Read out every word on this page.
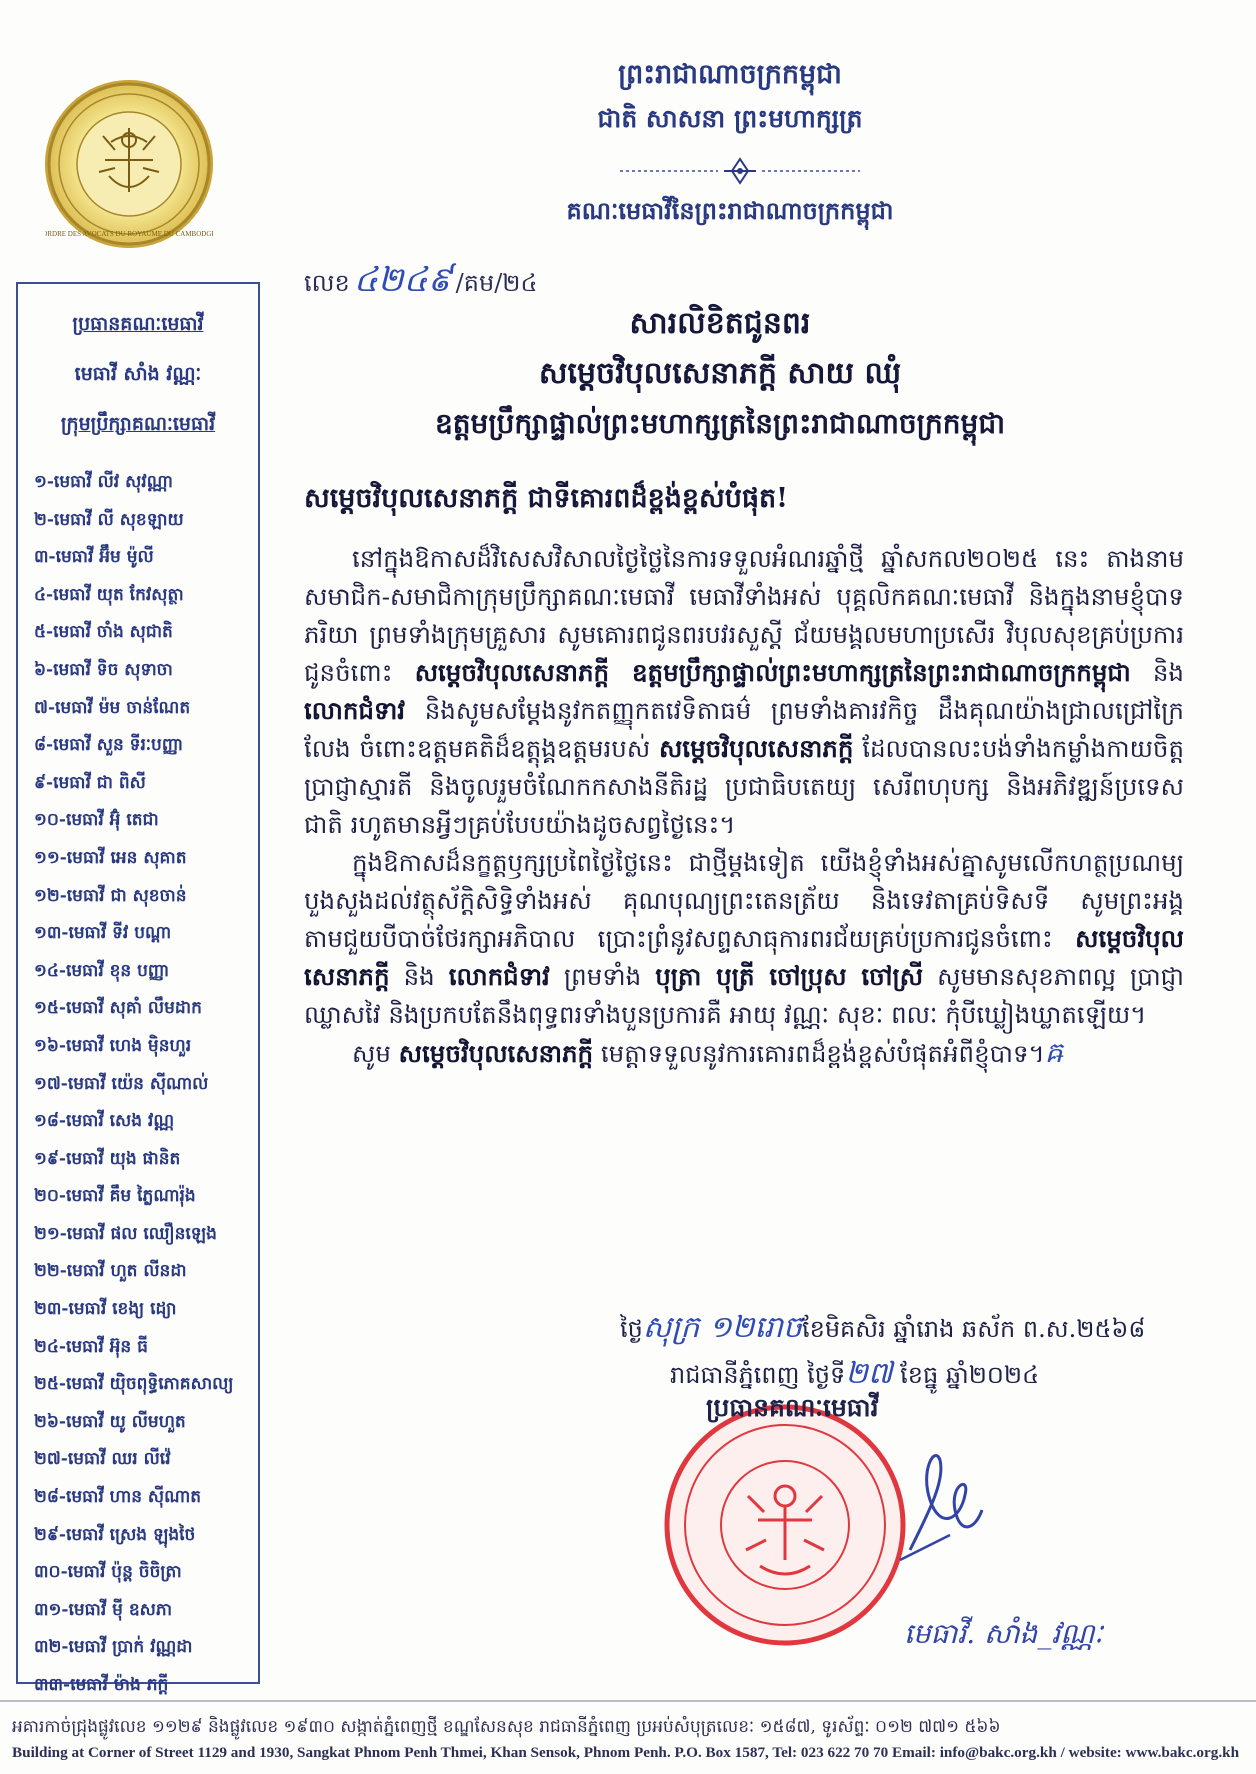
ORDRE DES AVOCATS DU ROYAUME DU CAMBODGE
ព្រះរាជាណាចក្រកម្ពុជា
ជាតិ សាសនា ព្រះមហាក្សត្រ
គណៈមេធាវីនៃព្រះរាជាណាចក្រកម្ពុជា
ប្រធានគណៈមេធាវី
មេធាវី សាំង វណ្ណៈ
ក្រុមប្រឹក្សាគណៈមេធាវី
១-មេធាវី លីវ សុវណ្ណា
២-មេធាវី លី សុខឡាយ
៣-មេធាវី អ៊ឹម ម៉ូលី
៤-មេធាវី យុត កែវសុត្ថា
៥-មេធាវី ចាំង សុជាតិ
៦-មេធាវី ទិច សុទាចា
៧-មេធាវី ម៉ម ចាន់ណែត
៨-មេធាវី សួន ទីរៈបញ្ញា
៩-មេធាវី ជា ពិសី
១០-មេធាវី អ៊ុំ តេជា
១១-មេធាវី អេន សុគាត
១២-មេធាវី ជា សុខចាន់
១៣-មេធាវី ទីវ បណ្ដា
១៤-មេធាវី ខុន បញ្ញា
១៥-មេធាវី សុគាំ លឹមដាក
១៦-មេធាវី ហេង ម៉ិនហួរ
១៧-មេធាវី យ៉េន ស៊ីណាល់
១៨-មេធាវី សេង វណ្ណ
១៩-មេធាវី យុង ផានិត
២០-មេធាវី គឹម ភ្លៃណារ៉ុង
២១-មេធាវី ផល ឈឿនឡេង
២២-មេធាវី ហួត លីនដា
២៣-មេធាវី ខេង្យ ដ្យោ
២៤-មេធាវី អ៊ុន ធី
២៥-មេធាវី យ៉ិចពុទ្ធិភោគសាល្យ
២៦-មេធាវី យូ លីមហួត
២៧-មេធាវី ឈរ លីវ៉េ
២៨-មេធាវី ហាន ស៊ីណាត
២៩-មេធាវី ស្រេង ឡុងថៃ
៣០-មេធាវី ប៉ុន្ត ចិចិត្រា
៣១-មេធាវី ម៉ី ឧសភា
៣២-មេធាវី ប្រាក់ វណ្ណដា
៣៣-មេធាវី ម៉ាង ភក្តី
លេខ ៤២៤៩ /គម/២៤
សារលិខិតជូនពរ
សម្ដេចវិបុលសេនាភក្ដី សាយ ឈុំ
ឧត្តមប្រឹក្សាផ្ទាល់ព្រះមហាក្សត្រនៃព្រះរាជាណាចក្រកម្ពុជា
សម្ដេចវិបុលសេនាភក្ដី ជាទីគោរពដ៏ខ្ពង់ខ្ពស់បំផុត!

នៅក្នុងឱកាសដ៏វិសេសវិសាលថ្ងៃថ្លៃនៃការទទួលអំណរឆ្នាំថ្មី ឆ្នាំសកល២០២៥ នេះ តាងនាមសមាជិក-សមាជិកាក្រុមប្រឹក្សាគណៈមេធាវី មេធាវីទាំងអស់ បុគ្គលិកគណៈមេធាវី និងក្នុងនាមខ្ញុំបាទ ភរិយា ព្រមទាំងក្រុមគ្រួសារ សូមគោរពជូនពរបវរសួស្ដី ជ័យមង្គលមហាប្រសើរ វិបុលសុខគ្រប់ប្រការ ជូនចំពោះ សម្ដេចវិបុលសេនាភក្ដី ឧត្តមប្រឹក្សាផ្ទាល់ព្រះមហាក្សត្រនៃព្រះរាជាណាចក្រកម្ពុជា និង លោកជំទាវ និងសូមសម្ដែងនូវកតញ្ញុកតវេទិតាធម៌ ព្រមទាំងគារវកិច្ច ដឹងគុណយ៉ាងជ្រាលជ្រៅក្រៃលែង ចំពោះឧត្តមគតិដ៏ឧត្ដុង្គឧត្តមរបស់ សម្ដេចវិបុលសេនាភក្ដី ដែលបានលះបង់ទាំងកម្លាំងកាយចិត្ត ប្រាជ្ញាស្មារតី និងចូលរួមចំណែកកសាងនីតិរដ្ឋ ប្រជាធិបតេយ្យ សេរីពហុបក្ស និងអភិវឌ្ឍន៍ប្រទេសជាតិ រហូតមានអ្វីៗគ្រប់បែបយ៉ាងដូចសព្វថ្ងៃនេះ។

ក្នុងឱកាសដ៏នក្ខត្តឫក្សប្រពៃថ្ងៃថ្លៃនេះ ជាថ្មីម្ដងទៀត យើងខ្ញុំទាំងអស់គ្នាសូមលើកហត្ថប្រណម្យបួងសួងដល់វត្ថុស័ក្ដិសិទ្ធិទាំងអស់ គុណបុណ្យព្រះតេនត្រ័យ និងទេវតាគ្រប់ទិសទី សូមព្រះអង្គតាមជួយបីបាច់ថែរក្សាអភិបាល ប្រោះព្រំនូវសព្ទសាធុការពរជ័យគ្រប់ប្រការជូនចំពោះ សម្ដេចវិបុលសេនាភក្ដី និង លោកជំទាវ ព្រមទាំង បុត្រា បុត្រី ចៅប្រុស ចៅស្រី សូមមានសុខភាពល្អ ប្រាជ្ញាឈ្លាសវៃ និងប្រកបតែនឹងពុទ្ធពរទាំងបួនប្រការគឺ អាយុ វណ្ណៈ សុខៈ ពលៈ កុំបីឃ្លៀងឃ្លាតឡើយ។

សូម សម្ដេចវិបុលសេនាភក្ដី មេត្តាទទួលនូវការគោរពដ៏ខ្ពង់ខ្ពស់បំផុតអំពីខ្ញុំបាទ។ឝ

ថ្ងៃសុក្រ ១២រោចខែមិគសិរ ឆ្នាំរោង ឆស័ក ព.ស.២៥៦៨
រាជធានីភ្នំពេញ ថ្ងៃទី២៧ ខែធ្នូ ឆ្នាំ២០២៤
ប្រធានគណៈមេធាវី
មេធាវី. សាំង_វណ្ណៈ
អគារកាច់ជ្រុងផ្លូវលេខ ១១២៩ និងផ្លូវលេខ ១៩៣០ សង្កាត់ភ្នំពេញថ្មី ខណ្ឌសែនសុខ រាជធានីភ្នំពេញ ប្រអប់សំបុត្រលេខៈ ១៥៨៧, ទូរស័ព្ទៈ ០១២ ៧៧១ ៥៦៦
Building at Corner of Street 1129 and 1930, Sangkat Phnom Penh Thmei, Khan Sensok, Phnom Penh. P.O. Box 1587, Tel: 023 622 70 70 Email: info@bakc.org.kh / website: www.bakc.org.kh
